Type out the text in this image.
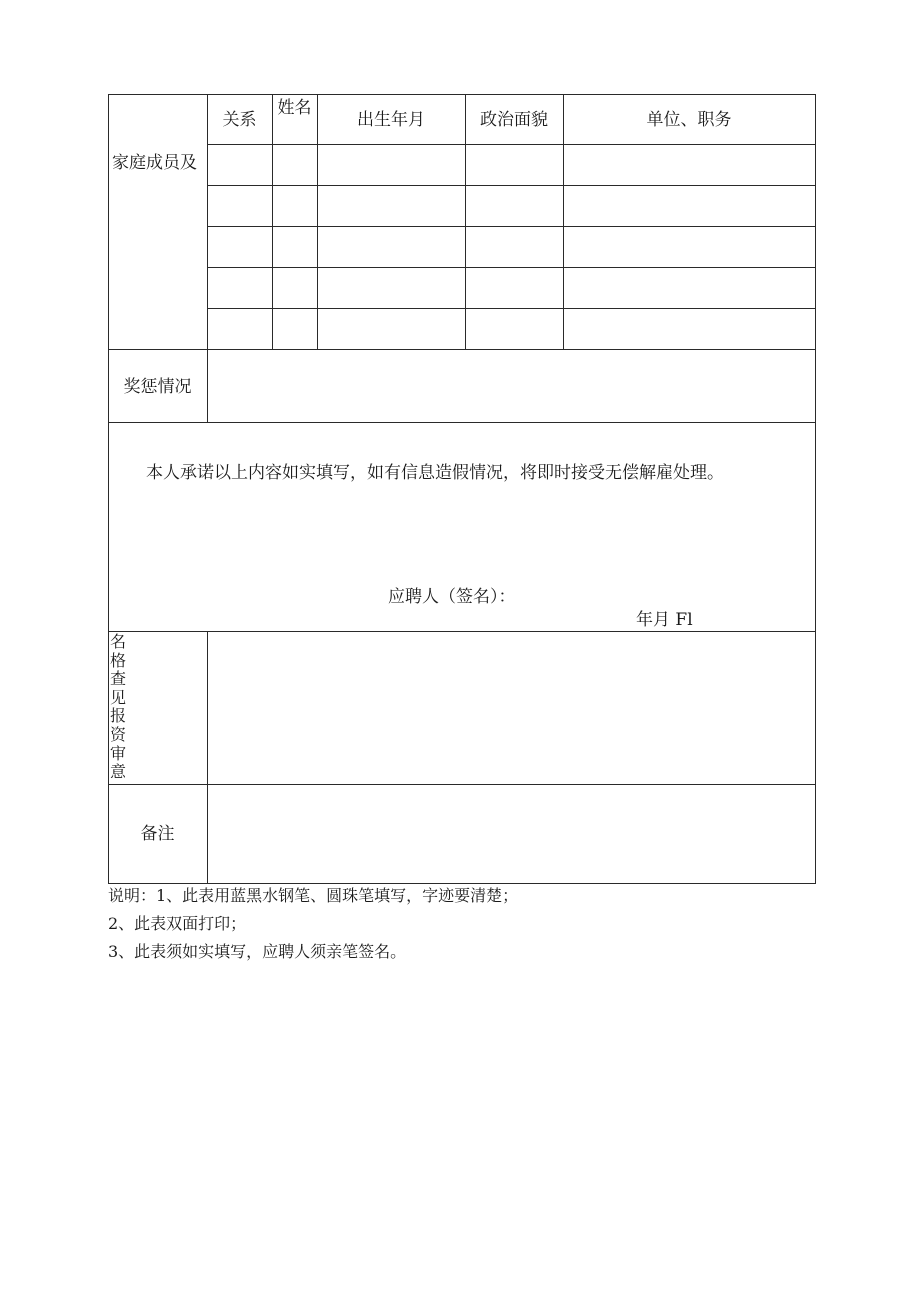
家庭成员及
关系
姓名
出生年月	政治面貌	单位、职务
奖惩情况
本人承诺以上内容如实填写，如有信息造假情况，将即时接受无偿解雇处理。
应聘人（签名）：
年月 Fl
名格查见报资审意
备注
说明：1、此表用蓝黑水钢笔、圆珠笔填写，字迹要清楚；
2、此表双面打印；
3、此表须如实填写，应聘人须亲笔签名。
